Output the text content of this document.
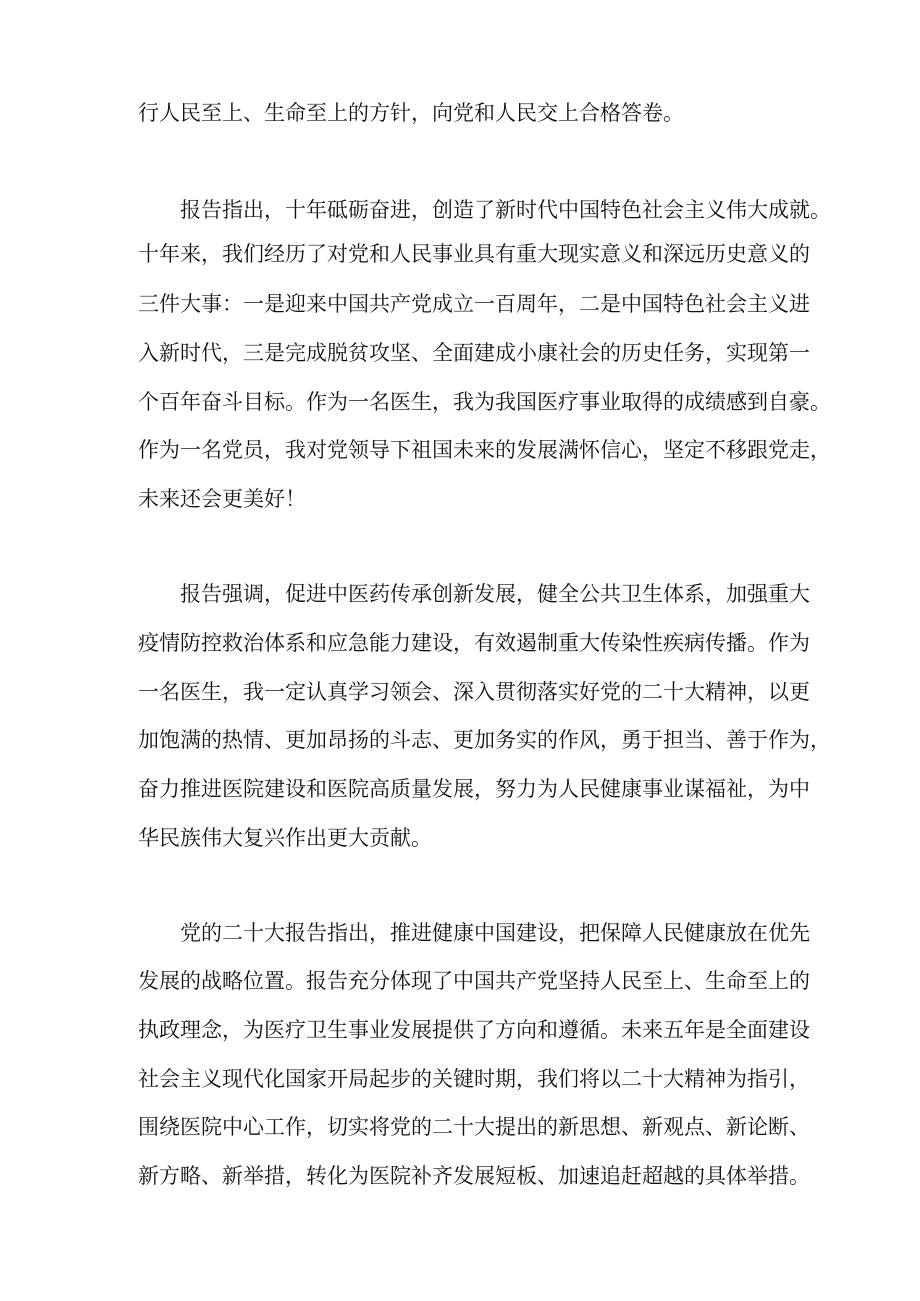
行人民至上、生命至上的方针，向党和人民交上合格答卷。

报告指出，十年砥砺奋进，创造了新时代中国特色社会主义伟大成就。

十年来，我们经历了对党和人民事业具有重大现实意义和深远历史意义的

三件大事：一是迎来中国共产党成立一百周年，二是中国特色社会主义进

入新时代，三是完成脱贫攻坚、全面建成小康社会的历史任务，实现第一

个百年奋斗目标。作为一名医生，我为我国医疗事业取得的成绩感到自豪。

作为一名党员，我对党领导下祖国未来的发展满怀信心，坚定不移跟党走，

未来还会更美好！

报告强调，促进中医药传承创新发展，健全公共卫生体系，加强重大

疫情防控救治体系和应急能力建设，有效遏制重大传染性疾病传播。作为

一名医生，我一定认真学习领会、深入贯彻落实好党的二十大精神，以更

加饱满的热情、更加昂扬的斗志、更加务实的作风，勇于担当、善于作为，

奋力推进医院建设和医院高质量发展，努力为人民健康事业谋福祉，为中

华民族伟大复兴作出更大贡献。

党的二十大报告指出，推进健康中国建设，把保障人民健康放在优先

发展的战略位置。报告充分体现了中国共产党坚持人民至上、生命至上的

执政理念，为医疗卫生事业发展提供了方向和遵循。未来五年是全面建设

社会主义现代化国家开局起步的关键时期，我们将以二十大精神为指引，

围绕医院中心工作，切实将党的二十大提出的新思想、新观点、新论断、

新方略、新举措，转化为医院补齐发展短板、加速追赶超越的具体举措。
